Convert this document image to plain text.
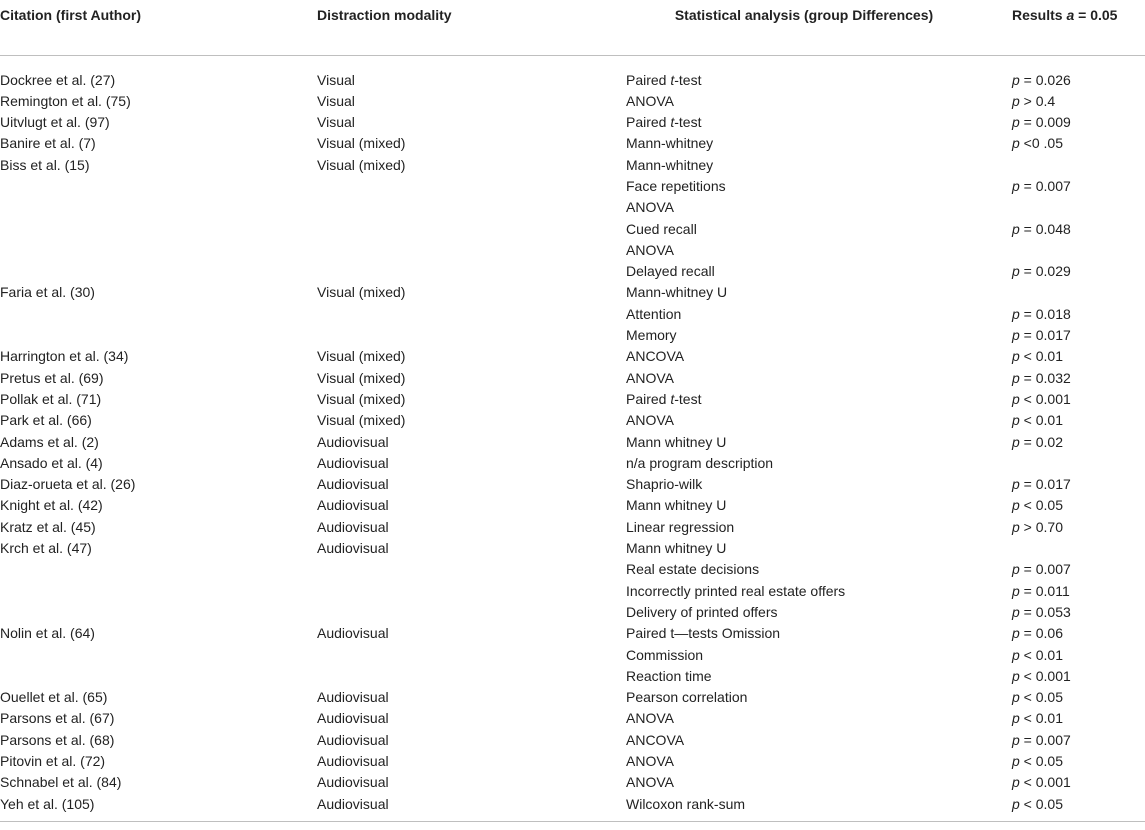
Citation (first Author)	Distraction modality	Statistical analysis (group Differences)	Results a = 0.05
Dockree et al. (27)	Visual	Paired t-test	p = 0.026
Remington et al. (75)	Visual	ANOVA	p > 0.4
Uitvlugt et al. (97)	Visual	Paired t-test	p = 0.009
Banire et al. (7)	Visual (mixed)	Mann-whitney	p <0 .05
Biss et al. (15)	Visual (mixed)	Mann-whitney	
		Face repetitions	p = 0.007
		ANOVA	
		Cued recall	p = 0.048
		ANOVA	
		Delayed recall	p = 0.029
Faria et al. (30)	Visual (mixed)	Mann-whitney U	
		Attention	p = 0.018
		Memory	p = 0.017
Harrington et al. (34)	Visual (mixed)	ANCOVA	p < 0.01
Pretus et al. (69)	Visual (mixed)	ANOVA	p = 0.032
Pollak et al. (71)	Visual (mixed)	Paired t-test	p < 0.001
Park et al. (66)	Visual (mixed)	ANOVA	p < 0.01
Adams et al. (2)	Audiovisual	Mann whitney U	p = 0.02
Ansado et al. (4)	Audiovisual	n/a program description	
Diaz-orueta et al. (26)	Audiovisual	Shaprio-wilk	p = 0.017
Knight et al. (42)	Audiovisual	Mann whitney U	p < 0.05
Kratz et al. (45)	Audiovisual	Linear regression	p > 0.70
Krch et al. (47)	Audiovisual	Mann whitney U	
		Real estate decisions	p = 0.007
		Incorrectly printed real estate offers	p = 0.011
		Delivery of printed offers	p = 0.053
Nolin et al. (64)	Audiovisual	Paired t—tests Omission	p = 0.06
		Commission	p < 0.01
		Reaction time	p < 0.001
Ouellet et al. (65)	Audiovisual	Pearson correlation	p < 0.05
Parsons et al. (67)	Audiovisual	ANOVA	p < 0.01
Parsons et al. (68)	Audiovisual	ANCOVA	p = 0.007
Pitovin et al. (72)	Audiovisual	ANOVA	p < 0.05
Schnabel et al. (84)	Audiovisual	ANOVA	p < 0.001
Yeh et al. (105)	Audiovisual	Wilcoxon rank-sum	p < 0.05
